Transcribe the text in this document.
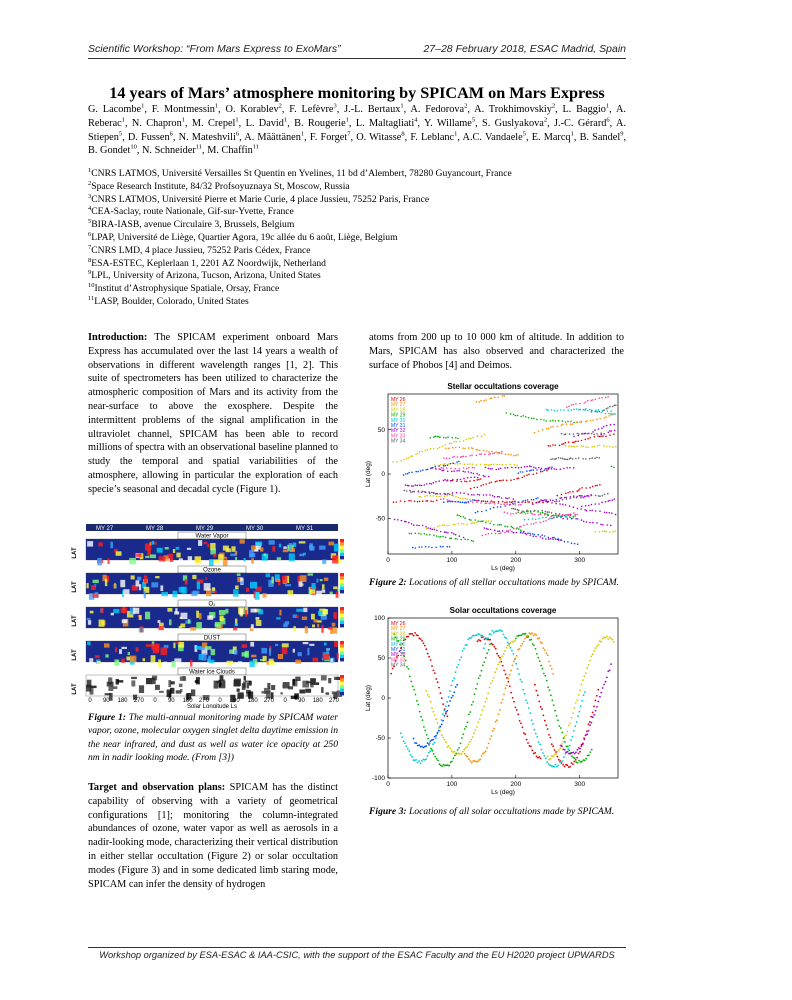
Scientific Workshop: “From Mars Express to ExoMars”	27–28 February 2018, ESAC Madrid, Spain
14 years of Mars’ atmosphere monitoring by SPICAM on Mars Express
G. Lacombe$^1$, F. Montmessin$^1$, O. Korablev$^2$, F. Lefèvre$^3$, J.-L. Bertaux$^1$, A. Fedorova$^2$, A. Trokhimovskiy$^2$, L. Baggio$^1$, A. Reberac$^1$, N. Chapron$^1$, M. Crepel$^1$, L. David$^1$, B. Rougerie$^1$, L. Maltagliati$^4$, Y. Willame$^5$, S. Guslyakova$^2$, J.-C. Gérard$^6$, A. Stiepen$^5$, D. Fussen$^6$, N. Mateshvili$^6$, A. Määttänen$^1$, F. Forget$^7$, O. Witasse$^8$, F. Leblanc$^1$, A.C. Vandaele$^5$, E. Marcq$^1$, B. Sandel$^9$, B. Gondet$^{10}$, N. Schneider$^{11}$, M. Chaffin$^{11}$
$^1$CNRS LATMOS, Université Versailles St Quentin en Yvelines, 11 bd d’Alembert, 78280 Guyancourt, France
$^2$Space Research Institute, 84/32 Profsoyuznaya St, Moscow, Russia
$^3$CNRS LATMOS, Université Pierre et Marie Curie, 4 place Jussieu, 75252 Paris, France
$^4$CEA-Saclay, route Nationale, Gif-sur-Yvette, France
$^5$BIRA-IASB, avenue Circulaire 3, Brussels, Belgium
$^6$LPAP, Université de Liège, Quartier Agora, 19c allée du 6 août, Liège, Belgium
$^7$CNRS LMD, 4 place Jussieu, 75252 Paris Cédex, France
$^8$ESA-ESTEC, Keplerlaan 1, 2201 AZ Noordwijk, Netherland
$^9$LPL, University of Arizona, Tucson, Arizona, United States
$^{10}$Institut d’Astrophysique Spatiale, Orsay, France
$^{11}$LASP, Boulder, Colorado, United States
Introduction: The SPICAM experiment onboard Mars Express has accumulated over the last 14 years a wealth of observations in different wavelength ranges [1, 2]. This suite of spectrometers has been utilized to characterize the atmospheric composition of Mars and its activity from the near-surface to above the exosphere. Despite the intermittent problems of the signal amplification in the ultraviolet channel, SPICAM has been able to record millions of spectra with an observational baseline planned to study the temporal and spatial variabilities of the atmosphere, allowing in particular the exploration of each specie’s seasonal and decadal cycle (Figure 1).
MY 27	MY 28	MY 29	MY 30	MY 31
Water Vapor
LAT
Ozone
LAT
O₂
LAT
DUST
LAT
Water Ice Clouds
LAT
0 90 180 270 0 90 180 270 0 90 180 270 0 90 180 270
Solar Longitude Ls
Figure 1: The multi-annual monitoring made by SPICAM water vapor, ozone, molecular oxygen singlet delta daytime emission in the near infrared, and dust as well as water ice opacity at 250 nm in nadir looking mode. (From [3])
Target and observation plans: SPICAM has the distinct capability of observing with a variety of geometrical configurations [1]; monitoring the column-integrated abundances of ozone, water vapor as well as aerosols in a nadir-looking mode, characterizing their vertical distribution in either stellar occultation (Figure 2) or solar occultation modes (Figure 3) and in some dedicated limb staring mode, SPICAM can infer the density of hydrogen
atoms from 200 up to 10 000 km of altitude. In addition to Mars, SPICAM has also observed and characterized the surface of Phobos [4] and Deimos.
Stellar occultations coverage
0	100	200	300
-50
0
50
Ls (deg)
Lat (deg)
MY 26
MY 27
MY 28
MY 29
MY 30
MY 31
MY 32
MY 33
MY 34
Figure 2: Locations of all stellar occultations made by SPICAM.
Solar occultations coverage
0	100	200	300
-100
-50
0
50
100
Ls (deg)
Lat (deg)
MY 26
MY 27
MY 28
MY 29
MY 30
MY 31
MY 32
MY 33
MY 34
Figure 3: Locations of all solar occultations made by SPICAM.
Workshop organized by ESA-ESAC & IAA-CSIC, with the support of the ESAC Faculty and the EU H2020 project UPWARDS
